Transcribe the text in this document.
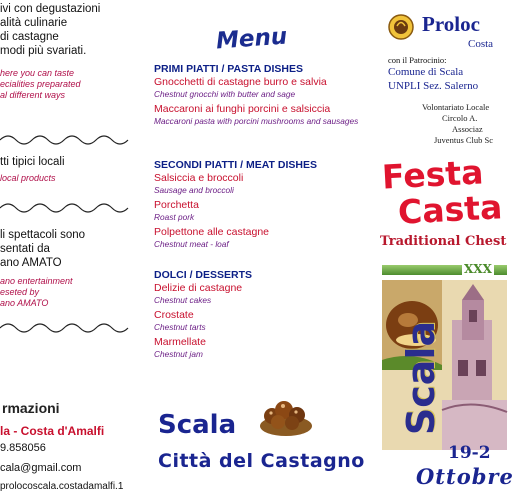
ivi con degustazioni
alità culinarie
di castagne
modi più svariati.
here you can taste
ecialities preparated
al different ways
tti tipici locali
local products
li spettacoli sono
sentati da
ano AMATO
ano entertainment
eseted by
ano AMATO
rmazioni
la - Costa d'Amalfi
9.858056
cala@gmail.com
prolocoscala.costadamalfi.1
Menu
PRIMI PIATTI / PASTA DISHES
Gnocchetti di castagne burro e salvia
Chestnut gnocchi with butter and sage
Maccaroni ai funghi porcini e salsiccia
Maccaroni pasta with porcini mushrooms and sausages
SECONDI PIATTI / MEAT DISHES
Salsiccia e broccoli
Sausage and broccoli
Porchetta
Roast pork
Polpettone alle castagne
Chestnut meat - loaf
DOLCI / DESSERTS
Delizie di castagne
Chestnut cakes
Crostate
Chestnut tarts
Marmellate
Chestnut jam
Scala
Città del Castagno
Proloc
Costa
con il Patrocinio:
Comune di Scala
UNPLI Sez. Salerno
Volontariato Locale
Circolo A.
Associaz
Juventus Club Sc
Festa
Casta
Traditional Chest
XXX
Scala
19-2
Ottobre
